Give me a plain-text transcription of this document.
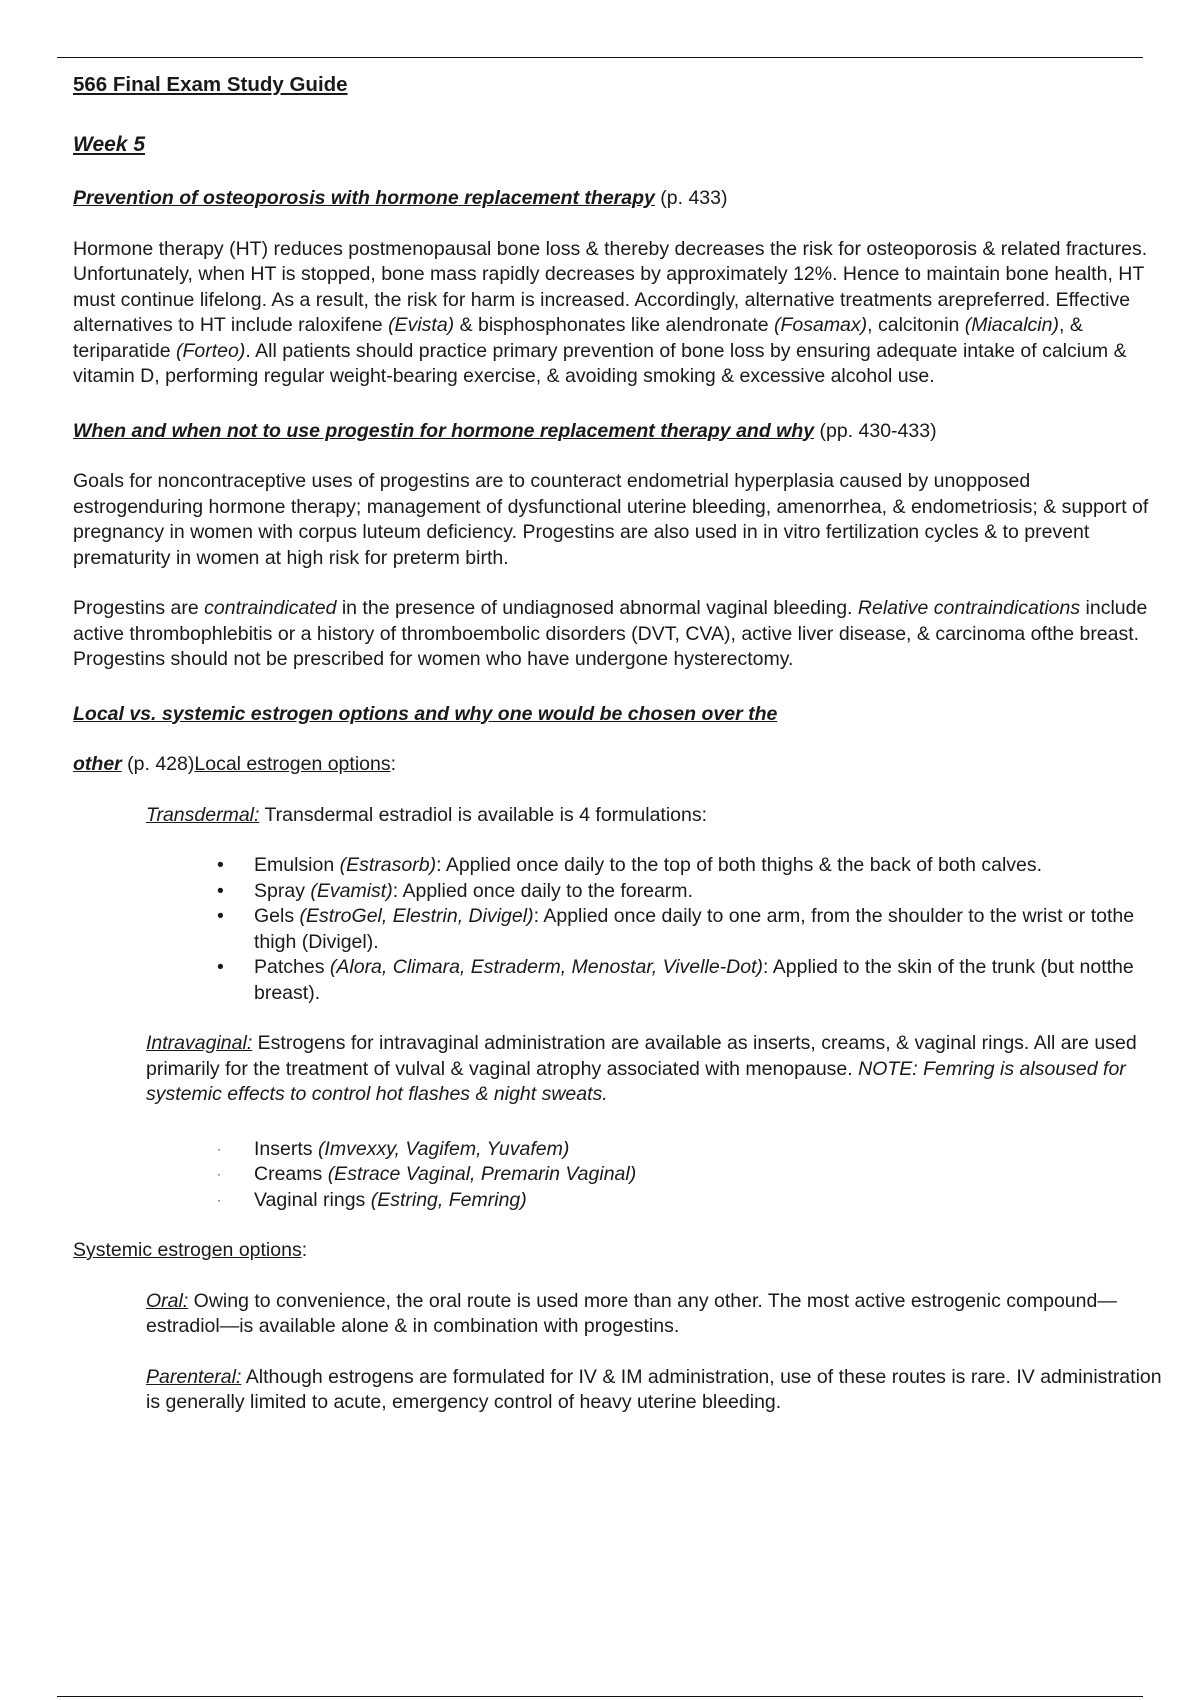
566 Final Exam Study Guide
Week 5
Prevention of osteoporosis with hormone replacement therapy (p. 433)

Hormone therapy (HT) reduces postmenopausal bone loss & thereby decreases the risk for osteoporosis & related fractures. Unfortunately, when HT is stopped, bone mass rapidly decreases by approximately 12%. Hence to maintain bone health, HT must continue lifelong. As a result, the risk for harm is increased. Accordingly, alternative treatments arepreferred. Effective alternatives to HT include raloxifene (Evista) & bisphosphonates like alendronate (Fosamax), calcitonin (Miacalcin), & teriparatide (Forteo). All patients should practice primary prevention of bone loss by ensuring adequate intake of calcium & vitamin D, performing regular weight-bearing exercise, & avoiding smoking & excessive alcohol use.

When and when not to use progestin for hormone replacement therapy and why (pp. 430-433)

Goals for noncontraceptive uses of progestins are to counteract endometrial hyperplasia caused by unopposed estrogenduring hormone therapy; management of dysfunctional uterine bleeding, amenorrhea, & endometriosis; & support of pregnancy in women with corpus luteum deficiency. Progestins are also used in in vitro fertilization cycles & to prevent prematurity in women at high risk for preterm birth.

Progestins are contraindicated in the presence of undiagnosed abnormal vaginal bleeding. Relative contraindications include active thrombophlebitis or a history of thromboembolic disorders (DVT, CVA), active liver disease, & carcinoma ofthe breast. Progestins should not be prescribed for women who have undergone hysterectomy.

Local vs. systemic estrogen options and why one would be chosen over the
other (p. 428)Local estrogen options:
Transdermal: Transdermal estradiol is available is 4 formulations:
• Emulsion (Estrasorb): Applied once daily to the top of both thighs & the back of both calves.
• Spray (Evamist): Applied once daily to the forearm.
• Gels (EstroGel, Elestrin, Divigel): Applied once daily to one arm, from the shoulder to the wrist or tothe thigh (Divigel).
• Patches (Alora, Climara, Estraderm, Menostar, Vivelle-Dot): Applied to the skin of the trunk (but notthe breast).
Intravaginal: Estrogens for intravaginal administration are available as inserts, creams, & vaginal rings. All are used primarily for the treatment of vulval & vaginal atrophy associated with menopause. NOTE: Femring is alsoused for systemic effects to control hot flashes & night sweats.
· Inserts (Imvexxy, Vagifem, Yuvafem)
· Creams (Estrace Vaginal, Premarin Vaginal)
· Vaginal rings (Estring, Femring)
Systemic estrogen options:
Oral: Owing to convenience, the oral route is used more than any other. The most active estrogenic compound—estradiol—is available alone & in combination with progestins.
Parenteral: Although estrogens are formulated for IV & IM administration, use of these routes is rare. IV administration is generally limited to acute, emergency control of heavy uterine bleeding.
